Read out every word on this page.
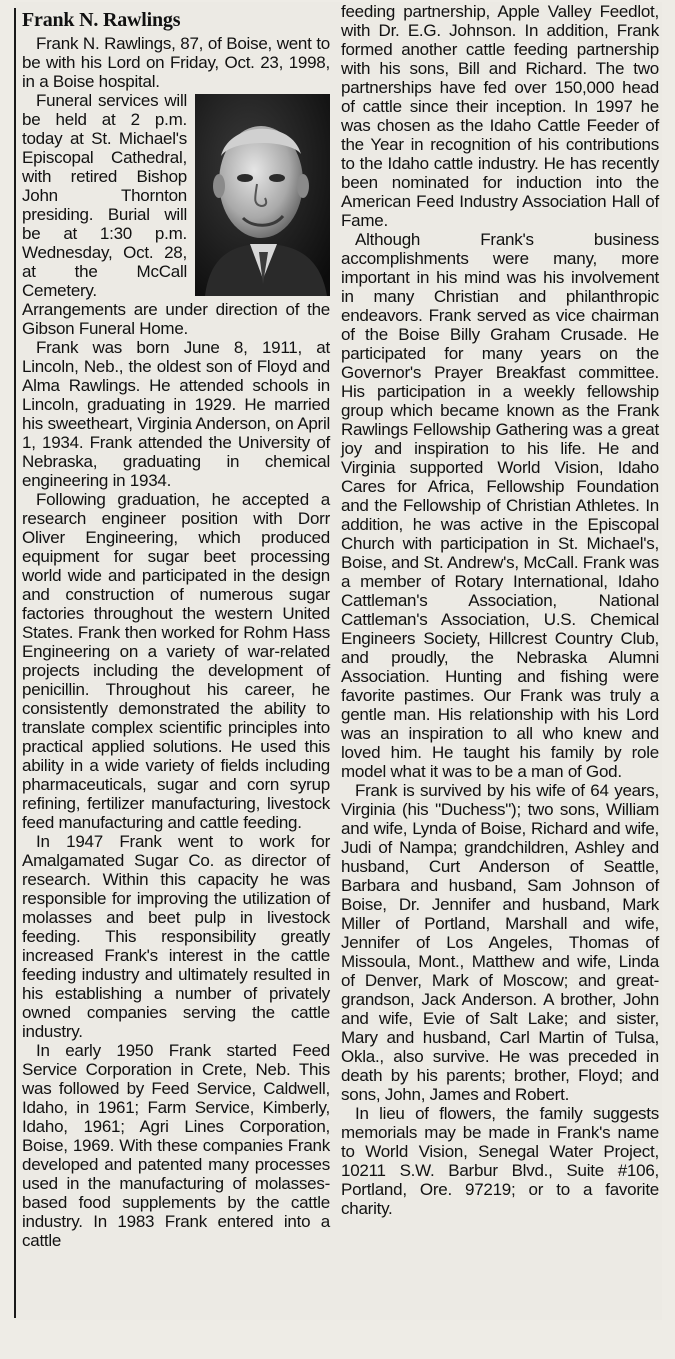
Frank N. Rawlings

Frank N. Rawlings, 87, of Boise, went to be with his Lord on Friday, Oct. 23, 1998, in a Boise hospital.

Funeral services will be held at 2 p.m. today at St. Michael's Episcopal Cathedral, with retired Bishop John Thornton presiding. Burial will be at 1:30 p.m. Wednesday, Oct. 28, at the McCall Cemetery. Arrangements are under direction of the Gibson Funeral Home.

Frank was born June 8, 1911, at Lincoln, Neb., the oldest son of Floyd and Alma Rawlings. He attended schools in Lincoln, graduating in 1929. He married his sweetheart, Virginia Anderson, on April 1, 1934. Frank attended the University of Nebraska, graduating in chemical engineering in 1934.

Following graduation, he accepted a research engineer position with Dorr Oliver Engineering, which produced equipment for sugar beet processing world wide and participated in the design and construction of numerous sugar factories throughout the western United States. Frank then worked for Rohm Hass Engineering on a variety of war-related projects including the development of penicillin. Throughout his career, he consistently demonstrated the ability to translate complex scientific principles into practical applied solutions. He used this ability in a wide variety of fields including pharmaceuticals, sugar and corn syrup refining, fertilizer manufacturing, livestock feed manufacturing and cattle feeding.

In 1947 Frank went to work for Amalgamated Sugar Co. as director of research. Within this capacity he was responsible for improving the utilization of molasses and beet pulp in livestock feeding. This responsibility greatly increased Frank's interest in the cattle feeding industry and ultimately resulted in his establishing a number of privately owned companies serving the cattle industry.

In early 1950 Frank started Feed Service Corporation in Crete, Neb. This was followed by Feed Service, Caldwell, Idaho, in 1961; Farm Service, Kimberly, Idaho, 1961; Agri Lines Corporation, Boise, 1969. With these companies Frank developed and patented many processes used in the manufacturing of molasses-based food supplements by the cattle industry. In 1983 Frank entered into a cattle

feeding partnership, Apple Valley Feedlot, with Dr. E.G. Johnson. In addition, Frank formed another cattle feeding partnership with his sons, Bill and Richard. The two partnerships have fed over 150,000 head of cattle since their inception. In 1997 he was chosen as the Idaho Cattle Feeder of the Year in recognition of his contributions to the Idaho cattle industry. He has recently been nominated for induction into the American Feed Industry Association Hall of Fame.

Although Frank's business accomplishments were many, more important in his mind was his involvement in many Christian and philanthropic endeavors. Frank served as vice chairman of the Boise Billy Graham Crusade. He participated for many years on the Governor's Prayer Breakfast committee. His participation in a weekly fellowship group which became known as the Frank Rawlings Fellowship Gathering was a great joy and inspiration to his life. He and Virginia supported World Vision, Idaho Cares for Africa, Fellowship Foundation and the Fellowship of Christian Athletes. In addition, he was active in the Episcopal Church with participation in St. Michael's, Boise, and St. Andrew's, McCall. Frank was a member of Rotary International, Idaho Cattleman's Association, National Cattleman's Association, U.S. Chemical Engineers Society, Hillcrest Country Club, and proudly, the Nebraska Alumni Association. Hunting and fishing were favorite pastimes. Our Frank was truly a gentle man. His relationship with his Lord was an inspiration to all who knew and loved him. He taught his family by role model what it was to be a man of God.

Frank is survived by his wife of 64 years, Virginia (his "Duchess"); two sons, William and wife, Lynda of Boise, Richard and wife, Judi of Nampa; grandchildren, Ashley and husband, Curt Anderson of Seattle, Barbara and husband, Sam Johnson of Boise, Dr. Jennifer and husband, Mark Miller of Portland, Marshall and wife, Jennifer of Los Angeles, Thomas of Missoula, Mont., Matthew and wife, Linda of Denver, Mark of Moscow; and great-grandson, Jack Anderson. A brother, John and wife, Evie of Salt Lake; and sister, Mary and husband, Carl Martin of Tulsa, Okla., also survive. He was preceded in death by his parents; brother, Floyd; and sons, John, James and Robert.

In lieu of flowers, the family suggests memorials may be made in Frank's name to World Vision, Senegal Water Project, 10211 S.W. Barbur Blvd., Suite #106, Portland, Ore. 97219; or to a favorite charity.
